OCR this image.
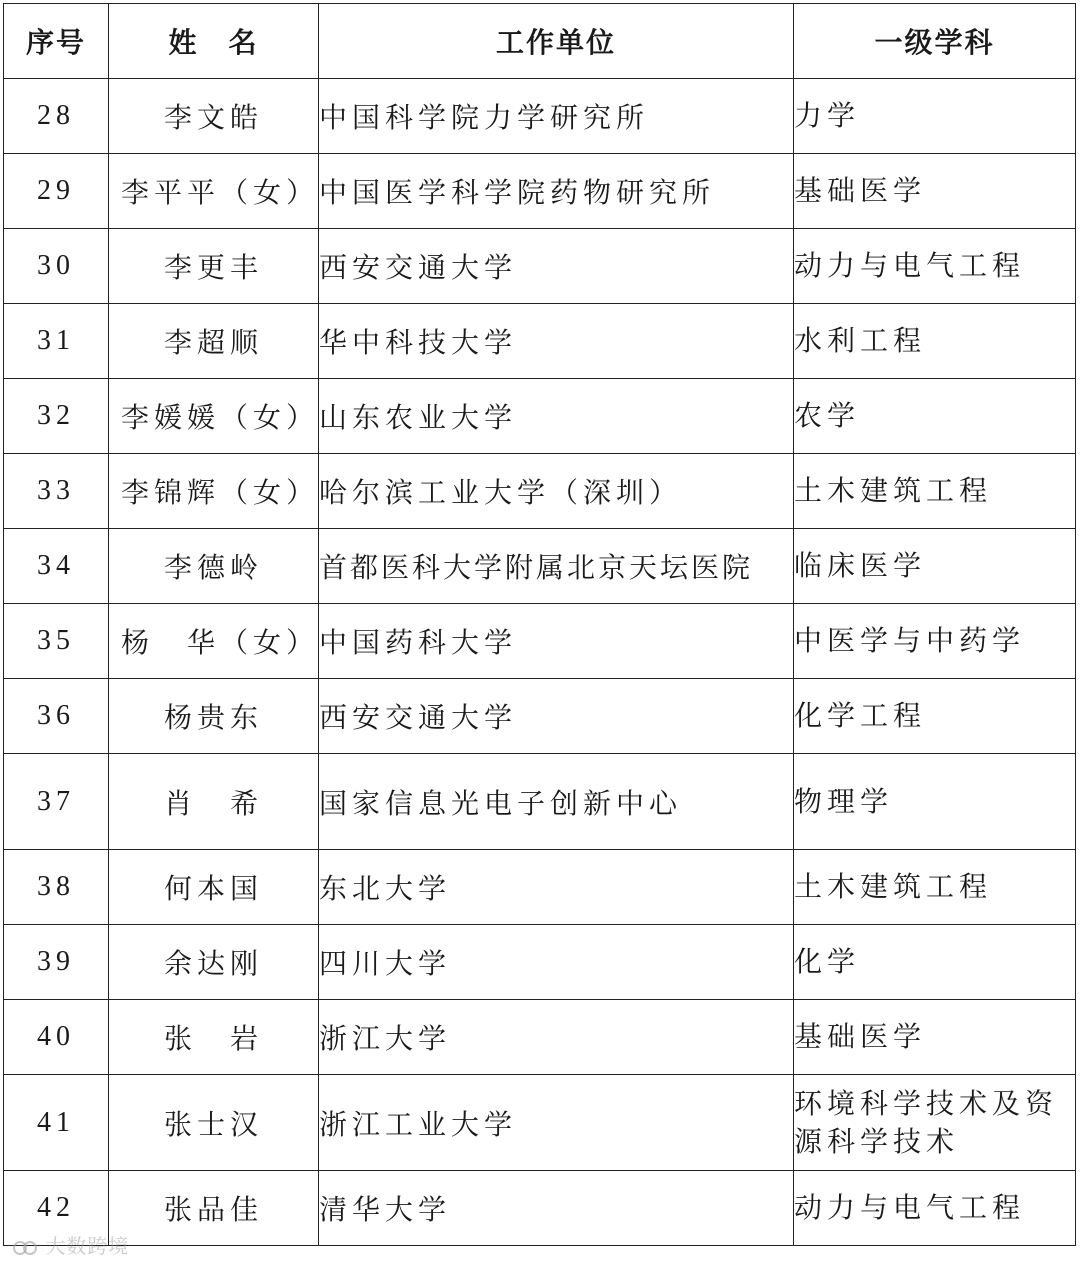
序号	姓　名	工作单位	一级学科
28	李文皓	中国科学院力学研究所	力学
29	李平平（女）	中国医学科学院药物研究所	基础医学
30	李更丰	西安交通大学	动力与电气工程
31	李超顺	华中科技大学	水利工程
32	李媛媛（女）	山东农业大学	农学
33	李锦辉（女）	哈尔滨工业大学（深圳）	土木建筑工程
34	李德岭	首都医科大学附属北京天坛医院	临床医学
35	杨　华（女）	中国药科大学	中医学与中药学
36	杨贵东	西安交通大学	化学工程
37	肖　希	国家信息光电子创新中心	物理学
38	何本国	东北大学	土木建筑工程
39	余达刚	四川大学	化学
40	张　岩	浙江大学	基础医学
41	张士汉	浙江工业大学	环境科学技术及资源科学技术
42	张品佳	清华大学	动力与电气工程
大数跨境
